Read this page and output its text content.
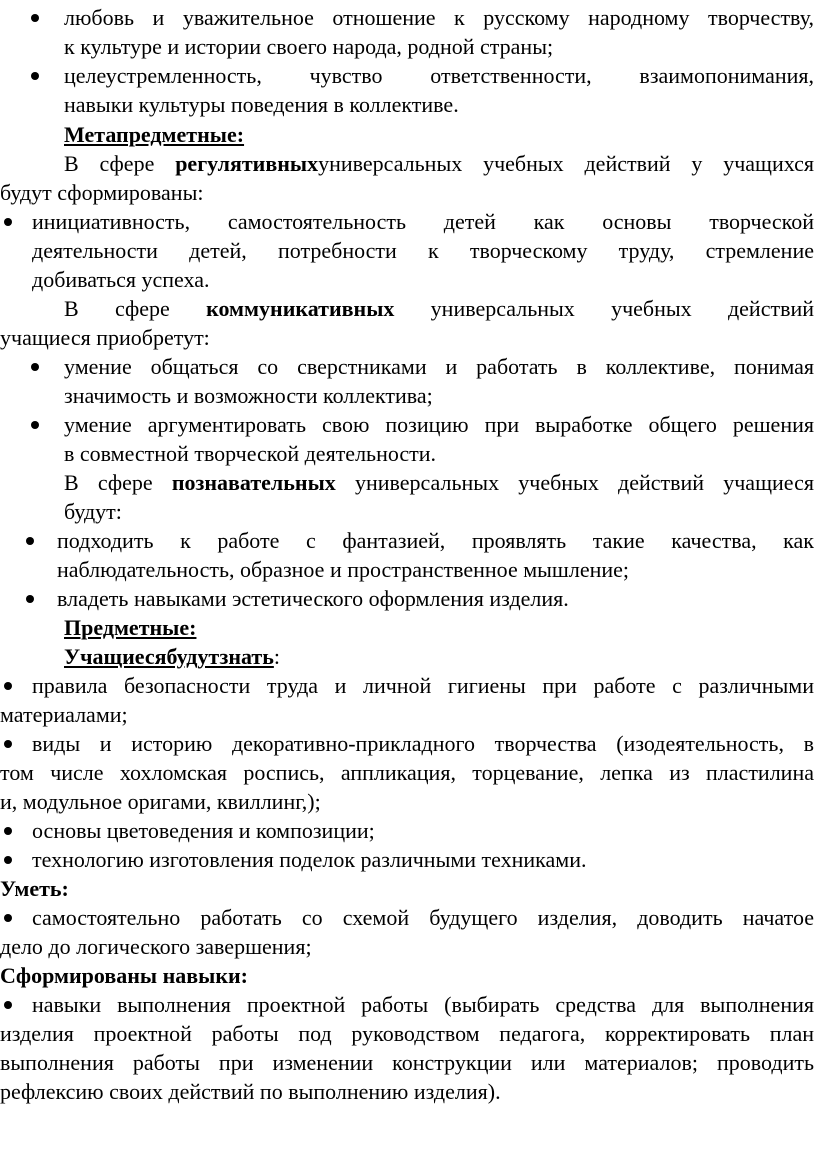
любовь и уважительное отношение к русскому народному творчеству,
к культуре и истории своего народа, родной страны;
целеустремленность, чувство ответственности, взаимопонимания,
навыки культуры поведения в коллективе.
Метапредметные:
В сфере регулятивныхуниверсальных учебных действий у учащихся
будут сформированы:
инициативность, самостоятельность детей как основы творческой
деятельности детей, потребности к творческому труду, стремление
добиваться успеха.
В сфере коммуникативных универсальных учебных действий
учащиеся приобретут:
умение общаться со сверстниками и работать в коллективе, понимая
значимость и возможности коллектива;
умение аргументировать свою позицию при выработке общего решения
в совместной творческой деятельности.
В сфере познавательных универсальных учебных действий учащиеся
будут:
подходить к работе с фантазией, проявлять такие качества, как
наблюдательность, образное и пространственное мышление;
владеть навыками эстетического оформления изделия.
Предметные:
Учащиесябудутзнать:
правила безопасности труда и личной гигиены при работе с различными
материалами;
виды и историю декоративно-прикладного творчества (изодеятельность, в
том числе хохломская роспись, аппликация, торцевание, лепка из пластилина
и, модульное оригами, квиллинг,);
основы цветоведения и композиции;
технологию изготовления поделок различными техниками.
Уметь:
самостоятельно работать со схемой будущего изделия, доводить начатое
дело до логического завершения;
Сформированы навыки:
навыки выполнения проектной работы (выбирать средства для выполнения
изделия проектной работы под руководством педагога, корректировать план
выполнения работы при изменении конструкции или материалов; проводить
рефлексию своих действий по выполнению изделия).
